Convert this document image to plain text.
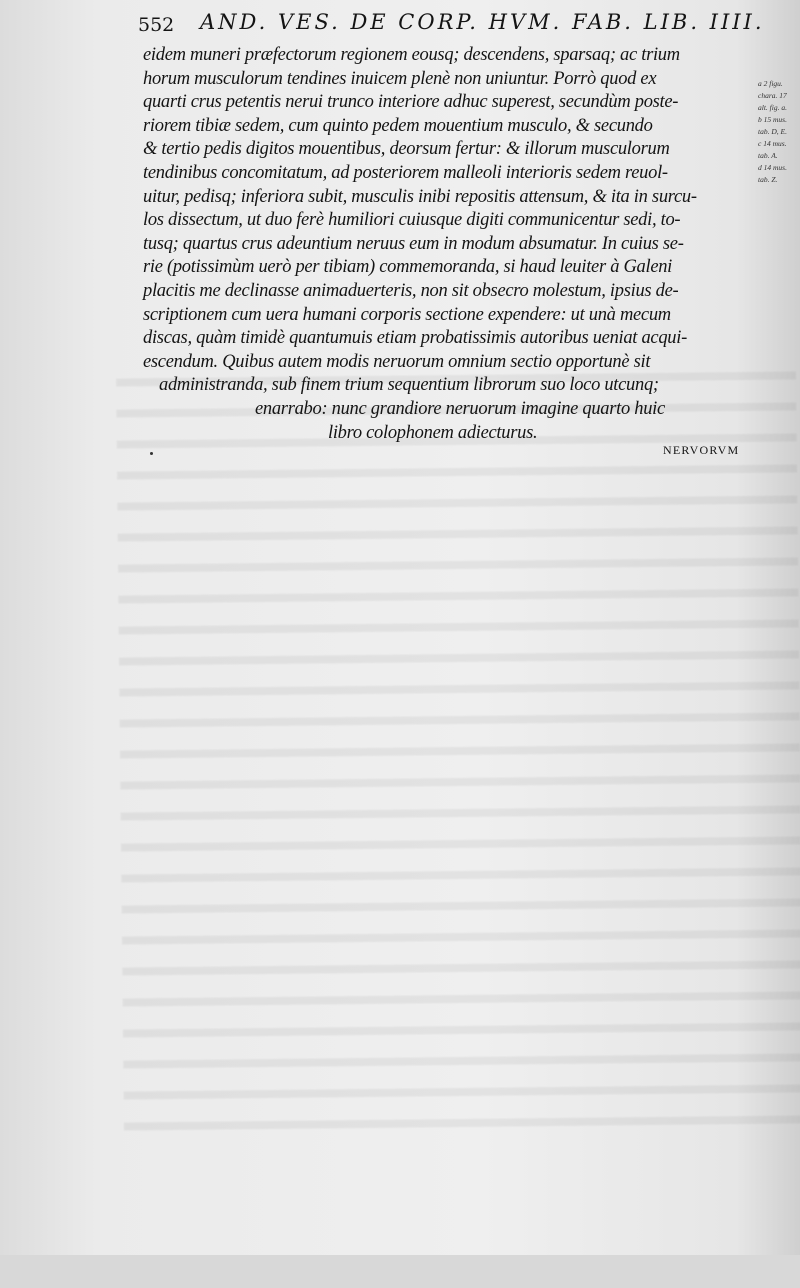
552 AND. VES. DE CORP. HVM. FAB. LIB. IIII.
eidem muneri præfectorum regionem eousq; descendens, sparsaq; ac trium
horum musculorum tendines inuicem plenè non uniuntur. Porrò quod ex
quarti crus petentis nerui trunco interiore adhuc superest, secundùm poste-
riorem tibiæ sedem, cum quinto pedem mouentium musculo, & secundo
& tertio pedis digitos mouentibus, deorsum fertur: & illorum musculorum
tendinibus concomitatum, ad posteriorem malleoli interioris sedem reuol-
uitur, pedisq; inferiora subit, musculis inibi repositis attensum, & ita in surcu-
los dissectum, ut duo ferè humiliori cuiusque digiti communicentur sedi, to-
tusq; quartus crus adeuntium neruus eum in modum absumatur. In cuius se-
rie (potissimùm uerò per tibiam) commemoranda, si haud leuiter à Galeni
placitis me declinasse animaduerteris, non sit obsecro molestum, ipsius de-
scriptionem cum uera humani corporis sectione expendere: ut unà mecum
discas, quàm timidè quantumuis etiam probatissimis autoribus ueniat acqui-
escendum. Quibus autem modis neruorum omnium sectio opportunè sit
administranda, sub finem trium sequentium librorum suo loco utcunq;
enarrabo: nunc grandiore neruorum imagine quarto huic
libro colophonem adiecturus.
a 2 figu.
chara. 17
alt. fig. a.
b 15 mus.
tab. D, E.
c 14 mus.
tab. A.
d 14 mus.
tab. Z.
NERVORVM
